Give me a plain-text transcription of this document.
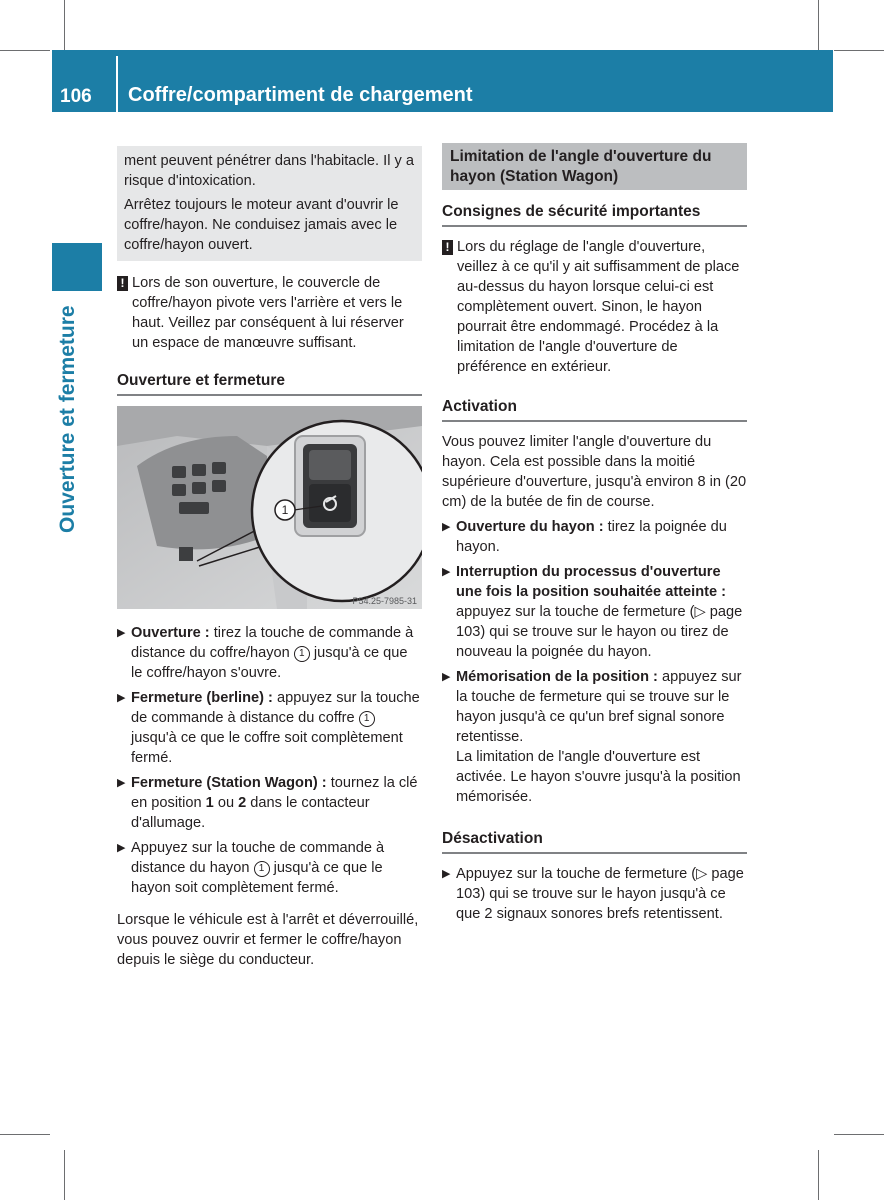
106 Coffre/compartiment de chargement
Ouverture et fermeture

ment peuvent pénétrer dans l'habitacle. Il y a risque d'intoxication.

Arrêtez toujours le moteur avant d'ouvrir le coffre/hayon. Ne conduisez jamais avec le coffre/hayon ouvert.

! Lors de son ouverture, le couvercle de coffre/hayon pivote vers l'arrière et vers le haut. Veillez par conséquent à lui réserver un espace de manœuvre suffisant.
Ouverture et fermeture
1
P54.25-7985-31
▶ Ouverture : tirez la touche de commande à distance du coffre/hayon 1 jusqu'à ce que le coffre/hayon s'ouvre.
▶ Fermeture (berline) : appuyez sur la touche de commande à distance du coffre 1 jusqu'à ce que le coffre soit complètement fermé.
▶ Fermeture (Station Wagon) : tournez la clé en position 1 ou 2 dans le contacteur d'allumage.
▶ Appuyez sur la touche de commande à distance du hayon 1 jusqu'à ce que le hayon soit complètement fermé.

Lorsque le véhicule est à l'arrêt et déverrouillé, vous pouvez ouvrir et fermer le coffre/hayon depuis le siège du conducteur.

Limitation de l'angle d'ouverture du hayon (Station Wagon)
Consignes de sécurité importantes
! Lors du réglage de l'angle d'ouverture, veillez à ce qu'il y ait suffisamment de place au-dessus du hayon lorsque celui-ci est complètement ouvert. Sinon, le hayon pourrait être endommagé. Procédez à la limitation de l'angle d'ouverture de préférence en extérieur.
Activation

Vous pouvez limiter l'angle d'ouverture du hayon. Cela est possible dans la moitié supérieure d'ouverture, jusqu'à environ 8 in (20 cm) de la butée de fin de course.

▶ Ouverture du hayon : tirez la poignée du hayon.
▶ Interruption du processus d'ouverture une fois la position souhaitée atteinte : appuyez sur la touche de fermeture (▷ page 103) qui se trouve sur le hayon ou tirez de nouveau la poignée du hayon.
▶ Mémorisation de la position : appuyez sur la touche de fermeture qui se trouve sur le hayon jusqu'à ce qu'un bref signal sonore retentisse.
La limitation de l'angle d'ouverture est activée. Le hayon s'ouvre jusqu'à la position mémorisée.
Désactivation
▶ Appuyez sur la touche de fermeture (▷ page 103) qui se trouve sur le hayon jusqu'à ce que 2 signaux sonores brefs retentissent.
